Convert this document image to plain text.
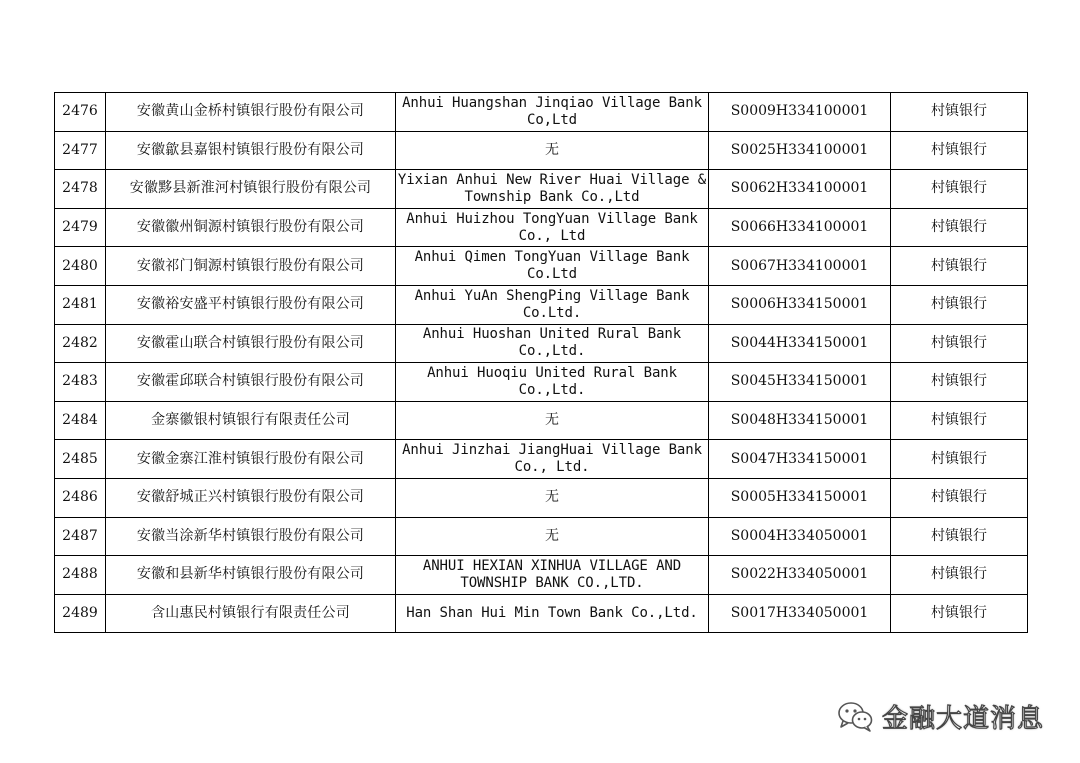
2476	安徽黄山金桥村镇银行股份有限公司	Anhui Huangshan Jinqiao Village Bank Co,Ltd	S0009H334100001	村镇银行
2477	安徽歙县嘉银村镇银行股份有限公司	无	S0025H334100001	村镇银行
2478	安徽黟县新淮河村镇银行股份有限公司	Yixian Anhui New River Huai Village & Township Bank Co.,Ltd	S0062H334100001	村镇银行
2479	安徽徽州铜源村镇银行股份有限公司	Anhui Huizhou TongYuan Village Bank Co., Ltd	S0066H334100001	村镇银行
2480	安徽祁门铜源村镇银行股份有限公司	Anhui Qimen TongYuan Village Bank Co.Ltd	S0067H334100001	村镇银行
2481	安徽裕安盛平村镇银行股份有限公司	Anhui YuAn ShengPing Village Bank Co.Ltd.	S0006H334150001	村镇银行
2482	安徽霍山联合村镇银行股份有限公司	Anhui Huoshan United Rural Bank Co.,Ltd.	S0044H334150001	村镇银行
2483	安徽霍邱联合村镇银行股份有限公司	Anhui Huoqiu United Rural Bank Co.,Ltd.	S0045H334150001	村镇银行
2484	金寨徽银村镇银行有限责任公司	无	S0048H334150001	村镇银行
2485	安徽金寨江淮村镇银行股份有限公司	Anhui Jinzhai JiangHuai Village Bank Co., Ltd.	S0047H334150001	村镇银行
2486	安徽舒城正兴村镇银行股份有限公司	无	S0005H334150001	村镇银行
2487	安徽当涂新华村镇银行股份有限公司	无	S0004H334050001	村镇银行
2488	安徽和县新华村镇银行股份有限公司	ANHUI HEXIAN XINHUA VILLAGE AND TOWNSHIP BANK CO.,LTD.	S0022H334050001	村镇银行
2489	含山惠民村镇银行有限责任公司	Han Shan Hui Min Town Bank Co.,Ltd.	S0017H334050001	村镇银行
金融大道消息
